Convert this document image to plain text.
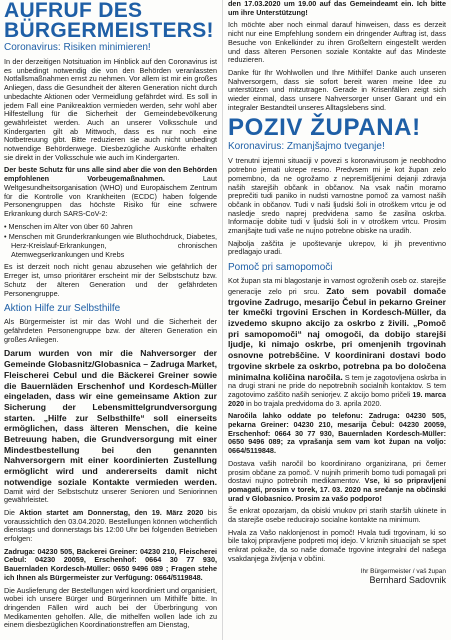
AUFRUF DES
BÜRGERMEISTERS!
Coronavirus: Risiken minimieren!

In der derzeitigen Notsituation im Hinblick auf den Coronavirus ist es unbedingt notwendig die von den Behörden veranlassten Notfallsmaßnahmen ernst zu nehmen. Vor allem ist mir ein großes Anliegen, dass die Gesundheit der älteren Generation nicht durch unbedachte Aktionen oder Vermeidlung gefährdet wird. Es soll in jedem Fall eine Panikreaktion vermieden werden, sehr wohl aber Hilfestellung für die Sicherheit der Gemeindebevölkerung gewährleistet werden. Auch an unserer Volksschule und Kindergarten gilt ab Mittwoch, dass es nur noch eine Notbetreuung gibt. Bitte reduzieren sie auch nicht unbedingt notwendige Behördenwege. Diesbezügliche Auskünfte erhalten sie direkt in der Volksschule wie auch im Kindergarten.

Der beste Schutz für uns alle sind aber die von den Behörden empfohlenen Vorbeugemaßnahmen. Laut Weltgesundheitsorganisation (WHO) und Europäischem Zentrum für die Kontrolle von Krankheiten (ECDC) haben folgende Personengruppen das höchste Risiko für eine schwere Erkrankung durch SARS-CoV-2:

• Menschen im Alter von über 60 Jahren
• Menschen mit Grunderkrankungen wie Bluthochdruck, Diabetes, Herz-Kreislauf-Erkrankungen, chronischen Atemwegserkrankungen und Krebs

Es ist derzeit noch nicht genau abzusehen wie gefährlich der Erreger ist, umso prioritärer erscheint mir der Selbstschutz bzw. Schutz der älteren Generation und der gefährdeten Personengruppe.

Aktion Hilfe zur Selbsthilfe

Als Bürgermeister ist mir das Wohl und die Sicherheit der gefährdeten Personengruppe bzw. der älteren Generation ein großes Anliegen.

Darum wurden von mir die Nahversorger der Gemeinde Globasnitz/Globasnica – Zadruga Market, Fleischerei Cebul und die Bäckerei Greiner sowie die Bauernläden Erschenhof und Kordesch-Müller eingeladen, dass wir eine gemeinsame Aktion zur Sicherung der Lebensmittelgrundversorgung starten. „Hilfe zur Selbsthilfe“ soll einerseits ermöglichen, dass älteren Menschen, die keine Betreuung haben, die Grundversorgung mit einer Mindestbestellung bei den genannten Nahversorgern mit einer koordinierten Zustellung ermöglicht wird und andererseits damit nicht notwendige soziale Kontakte vermieden werden. Damit wird der Selbstschutz unserer Senioren und Seniorinnen gewährleistet.

Die Aktion startet am Donnerstag, den 19. März 2020 bis voraussichtlich den 03.04.2020. Bestellungen können wöchentlich dienstags und donnerstags bis 12:00 Uhr bei folgenden Betrieben erfolgen:

Zadruga: 04230 505, Bäckerei Greiner: 04230 210, Fleischerei Cebul: 04230 20059, Erschenhof: 0664 30 77 930, Bauernladen Kordesch-Müller: 0650 9496 089 ; Fragen stehe ich Ihnen als Bürgermeister zur Verfügung: 0664/5119848.

Die Auslieferung der Bestellungen wird koordiniert und organisiert, wobei ich unsere Bürger und Bürgerinnen um Mithilfe bitte. In dringenden Fällen wird auch bei der Überbringung von Medikamenten geholfen. Alle, die mithelfen wollen lade ich zu einem diesbezüglichen Koordinationstreffen am Dienstag,

den 17.03.2020 um 19.00 auf das Gemeindeamt ein. Ich bitte um ihre Unterstützung!

Ich möchte aber noch einmal darauf hinweisen, dass es derzeit nicht nur eine Empfehlung sondern ein dringender Auftrag ist, dass Besuche von Enkelkinder zu ihren Großeltern eingestellt werden und dass älteren Personen soziale Kontakte auf das Mindeste reduzieren.

Danke für Ihr Wohlwollen und Ihre Mithilfe! Danke auch unseren Nahversorgern, dass sie sofort bereit waren meine Idee zu unterstützen und mitzutragen. Gerade in Krisenfällen zeigt sich wieder einmal, dass unsere Nahversorger unser Garant und ein integraler Bestandteil unseres Alltagslebens sind.

POZIV ŽUPANA!
Koronavirus: Zmanjšajmo tveganje!

V trenutni izjemni situaciji v povezi s koronavirusom je neobhodno potrebno jemati ukrepe resno. Predvsem mi je kot župan zelo pomembno, da ne ogrožamo z nepremišljenimi dejanji zdravja naših starejših občank in občanov. Na vsak način moramo preprečiti tudi paniko in nudsti varnostne pomoč za varnost naših občank in občanov. Tudi v naši ljudski šoli in otroškem vrtcu je od nasledje sredo naprej predvidena samo še zasilna oskrba. Informacije dobite tudi v ljudski šoli in v otroškem vrtcu. Prosim zmanjšajte tudi vaše ne nujno potrebne obiske na uradih.

Najbolja zaščita je upoštevanje ukrepov, ki jih preventivno predlagajo uradi.

Pomoč pri samopomoči

Kot župan sta mi blagostanje in varnost ogroženih oseb oz. starejše generacije zelo pri srcu. Zato sem povabil domače trgovine Zadrugo, mesarijo Čebul in pekarno Greiner ter kmečki trgovini Erschen in Kordesch-Müller, da izvedemo skupno akcijo za oskrbo z živili. „Pomoč pri samopomoči“ naj omogoči, da dobijo starejši ljudje, ki nimajo oskrbe, pri omenjenih trgovinah osnovne potrebščine. V koordinirani dostavi bodo trgovine skrbele za oskrbo, potrebna pa bo določena minimalna količina naročila. S tem je zagotovljena oskrba in na drugi strani ne pride do nepotrebnih socialnih kontaktov. S tem zagotovimo zaščito naših seniorjev. Z akcijo bomo pričeli 19. marca 2020 in bo trajala predvidoma do 3. aprila 2020.

Naročila lahko oddate po telefonu: Zadruga: 04230 505, pekarna Greiner: 04230 210, mesarija Čebul: 04230 20059, Erschenhof: 0664 30 77 930, Bauernladen Kordesch-Müller: 0650 9496 089; za vprašanja sem vam kot župan na voljo: 0664/5119848.

Dostava vaših naročil bo koordinirano organizirana, pri čemer prosim občane za pomoč. V nujnih primerih bomo tudi pomagali pri dostavi nujno potrebnih medikamentov. Vse, ki so pripravljeni pomagati, prosim v torek, 17. 03. 2020 na srečanje na občinski urad v Globasnico. Prosim za vašo podporo!

Še enkrat opozarjam, da obiski vnukov pri starih starših ukinete in da starejše osebe reducirajo socialne kontakte na minimum.

Hvala za Vašo naklonjenost in pomoč! Hvala tudi trgovinam, ki so bile takoj pripravljene podpreti moj idejo. V kriznih situacijah se spet enkrat pokaže, da so naše domače trgovine integralni del našega vsakdanjega življenja v občini.

Ihr Bürgermeister / vaš župan
Bernhard Sadovnik
